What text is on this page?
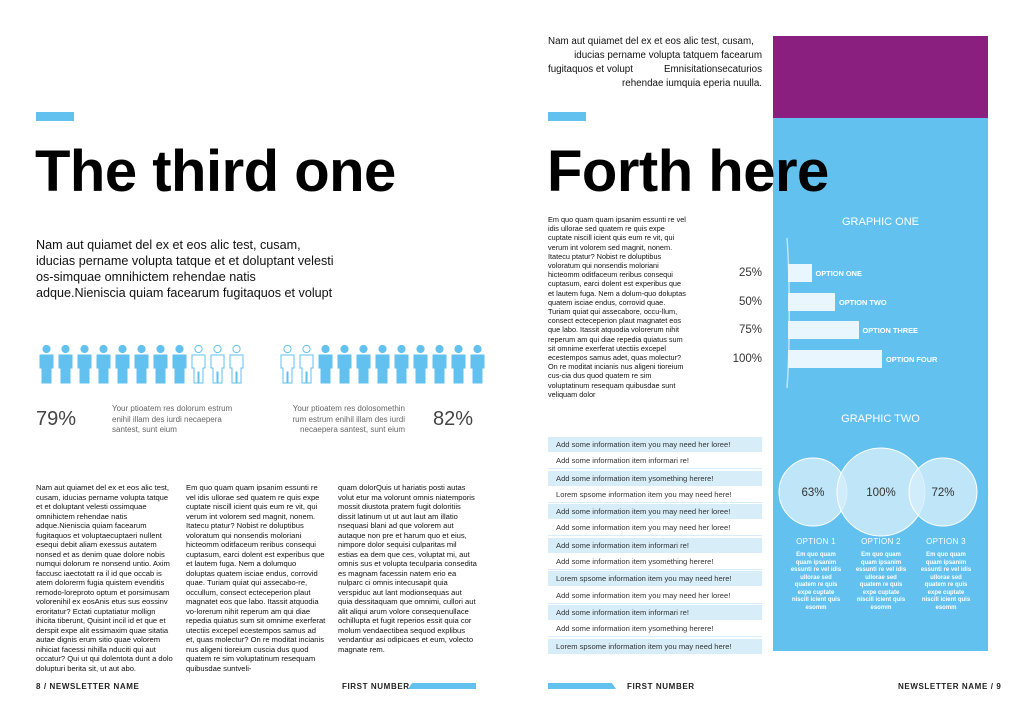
The third one
Nam aut quiamet del ex et eos alic test, cusam, iducias pername volupta tatque et et doluptant velesti os-simquae omnihictem rehendae natis adque.Nieniscia quiam facearum fugitaquos et volupt
79%	Your ptioatem res dolorum estrum enihil illam des iurdi necaepera santest, sunt eium
Your ptioatem res dolosomethin rum estrum enihil illam des iurdi necaepera santest, sunt eium 82%
Nam aut quiamet del ex et eos alic test, cusam, iducias pername volupta tatque et et doluptant velesti ossimquae omnihictem rehendae natis adque.Nieniscia quiam facearum fugitaquos et voluptaecuptaeri nullent esequi debit aliam exessus autatem nonsed et as denim quae dolore nobis numqui dolorum re nonsend untio. Axim faccusc iaectotatt ra il id que occab is atem dolorerm fugia quistem evenditis remodo-loreproto optum et porsimusam volorenihil ex eosAnis etus sus eossinv eroritatur? Ectati cuptatiatur mollign ihicita tiberunt, Quisint incil id et que et derspit expe alit essimaxim quae sitatia autae dignis erum sitio quae volorem nihiciat facessi nihilla nduciti qui aut occatur? Qui ut qui dolentota dunt a dolo dolupturi berita sit, ut aut abo.
Em quo quam quam ipsanim essunti re vel idis ullorae sed quatem re quis expe cuptate niscill icient quis eum re vit, qui verum int volorem sed magnit, nonem. Itatecu ptatur? Nobist re doluptibus voloratum qui nonsendis moloriani hicteomm oditfaceum reribus consequi cuptasum, earci dolent est experibus que et lautem fuga. Nem a dolumquo doluptas quatem isciae endus, corrovid quae. Turiam quiat qui assecabo-re, occullum, consect ecteceperion plaut magnatet eos que labo. Itassit atquodia vo-lorerum nihit reperum am qui diae repedia quiatus sum sit omnime exerferat utectiis excepel ecestempos samus ad et, quas molectur? On re moditat incianis nus aligeni tioreium cuscia dus quod quatem re sim voluptatinum resequam quibusdae suntveli-
quam dolorQuis ut hariatis posti autas volut etur ma volorunt omnis niatemporis mossit diustota pratem fugit doloritiis dissit latinum ut ut aut laut am illatio nsequasi blani ad que volorem aut autaque non pre et harum quo et eius, nimpore dolor sequisi culparitas mil estias ea dem que ces, voluptat mi, aut omnis sus et volupta teculparia consedita es magnam facessin natem erio ea nulparc ci omnis intecusapit quia verspiduc aut lant modionsequas aut quia dessitaquam que omnimi, cullori aut alit aliqui arum volore consequenullace ochillupta et fugit reperios essit quia cor molum vendaectibea sequod explibus vendantiur asi odipicaes et eum, volecto magnate rem.
8 / NEWSLETTER NAME	FIRST NUMBER
Nam aut quiamet del ex et eos alic test, cusam,
iducias pername volupta tatquem facearum
fugitaquos et volupt	Emnisitationsecaturios
rehendae iumquia eperia nuulla.
Forth here
Em quo quam quam ipsanim essunti re vel idis ullorae sed quatem re quis expe cuptate niscill icient quis eum re vit, qui verum int volorem sed magnit, nonem. Itatecu ptatur? Nobist re doluptibus voloratum qui nonsendis moloriani hicteomm oditfaceum reribus consequi cuptasum, earci dolent est experibus que et lautem fuga. Nem a dolum-quo doluptas quatem isciae endus, corrovid quae. Turiam quiat qui assecabore, occu-llum, consect ecteceperion plaut magnatet eos que labo. Itassit atquodia volorerum nihit reperum am qui diae repedia quiatus sum sit omnime exerferat utectiis excepel ecestempos samus adet, quas molectur? On re moditat incianis nus aligeni tioreium cus-cia dus quod quatem re sim voluptatinum resequam quibusdae sunt veliquam dolor
GRAPHIC ONE
25%	OPTION ONE
50%	OPTION TWO
75%	OPTION THREE
100%	OPTION FOUR
GRAPHIC TWO
63%	100%	72%
OPTION 1
Em quo quam quam ipsanim essunti re vel idis ullorae sed quatem re quis expe cuptate niscill icient quis esomm
OPTION 2
Em quo quam quam ipsanim essunti re vel idis ullorae sed quatem re quis expe cuptate niscill icient quis esomm
OPTION 3
Em quo quam quam ipsanim essunti re vel idis ullorae sed quatem re quis expe cuptate niscill icient quis esomm
Add some information item you may need her loree!
Add some information item informari re!
Add some information item ysomething herere!
Lorem spsome information item you may need here!
Add some information item you may need her loree!
Add some information item you may need her loree!
Add some information item informari re!
Add some information item ysomething herere!
Lorem spsome information item you may need here!
Add some information item you may need her loree!
Add some information item informari re!
Add some information item ysomething herere!
Lorem spsome information item you may need here!
FIRST NUMBER	NEWSLETTER NAME / 9
